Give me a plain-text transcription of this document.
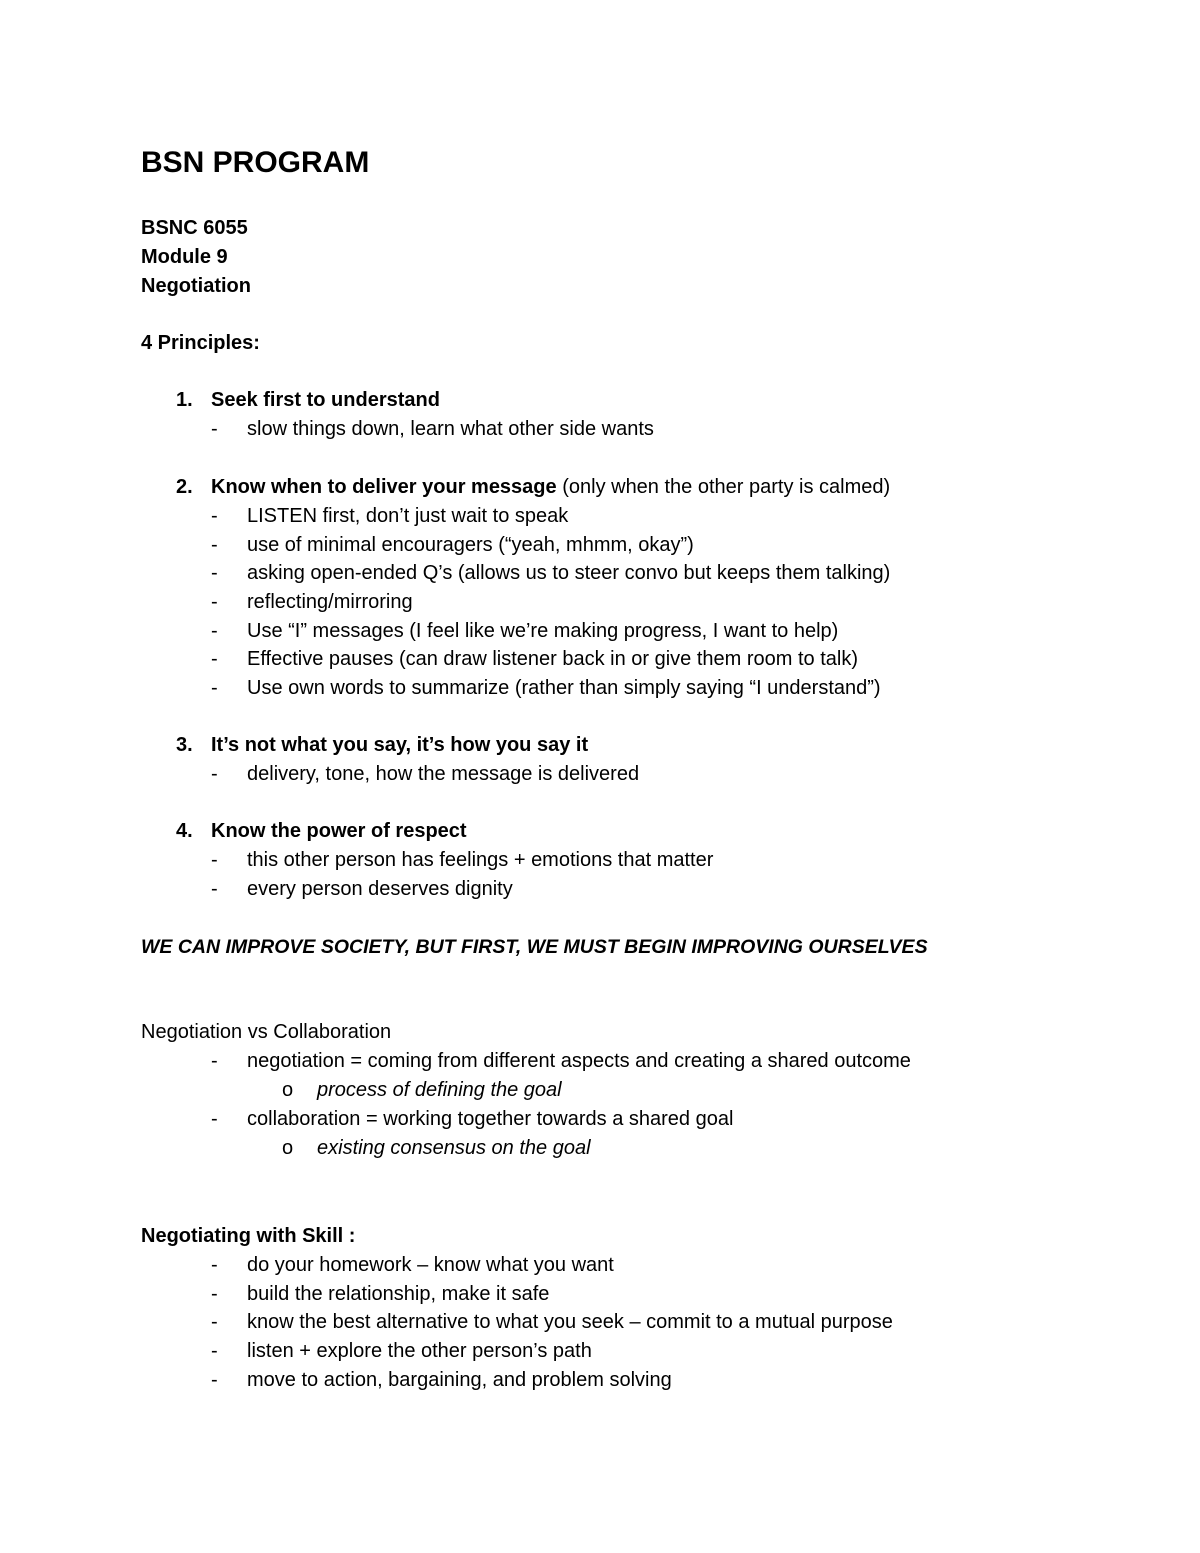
BSN PROGRAM
BSNC 6055
Module 9
Negotiation
4 Principles:
1. Seek first to understand
- slow things down, learn what other side wants
2. Know when to deliver your message (only when the other party is calmed)
- LISTEN first, don’t just wait to speak
- use of minimal encouragers (“yeah, mhmm, okay”)
- asking open-ended Q’s (allows us to steer convo but keeps them talking)
- reflecting/mirroring
- Use “I” messages (I feel like we’re making progress, I want to help)
- Effective pauses (can draw listener back in or give them room to talk)
- Use own words to summarize (rather than simply saying “I understand”)
3. It’s not what you say, it’s how you say it
- delivery, tone, how the message is delivered
4. Know the power of respect
- this other person has feelings + emotions that matter
- every person deserves dignity
WE CAN IMPROVE SOCIETY, BUT FIRST, WE MUST BEGIN IMPROVING OURSELVES
Negotiation vs Collaboration
- negotiation = coming from different aspects and creating a shared outcome
o process of defining the goal
- collaboration = working together towards a shared goal
o existing consensus on the goal
Negotiating with Skill :
- do your homework – know what you want
- build the relationship, make it safe
- know the best alternative to what you seek – commit to a mutual purpose
- listen + explore the other person’s path
- move to action, bargaining, and problem solving
